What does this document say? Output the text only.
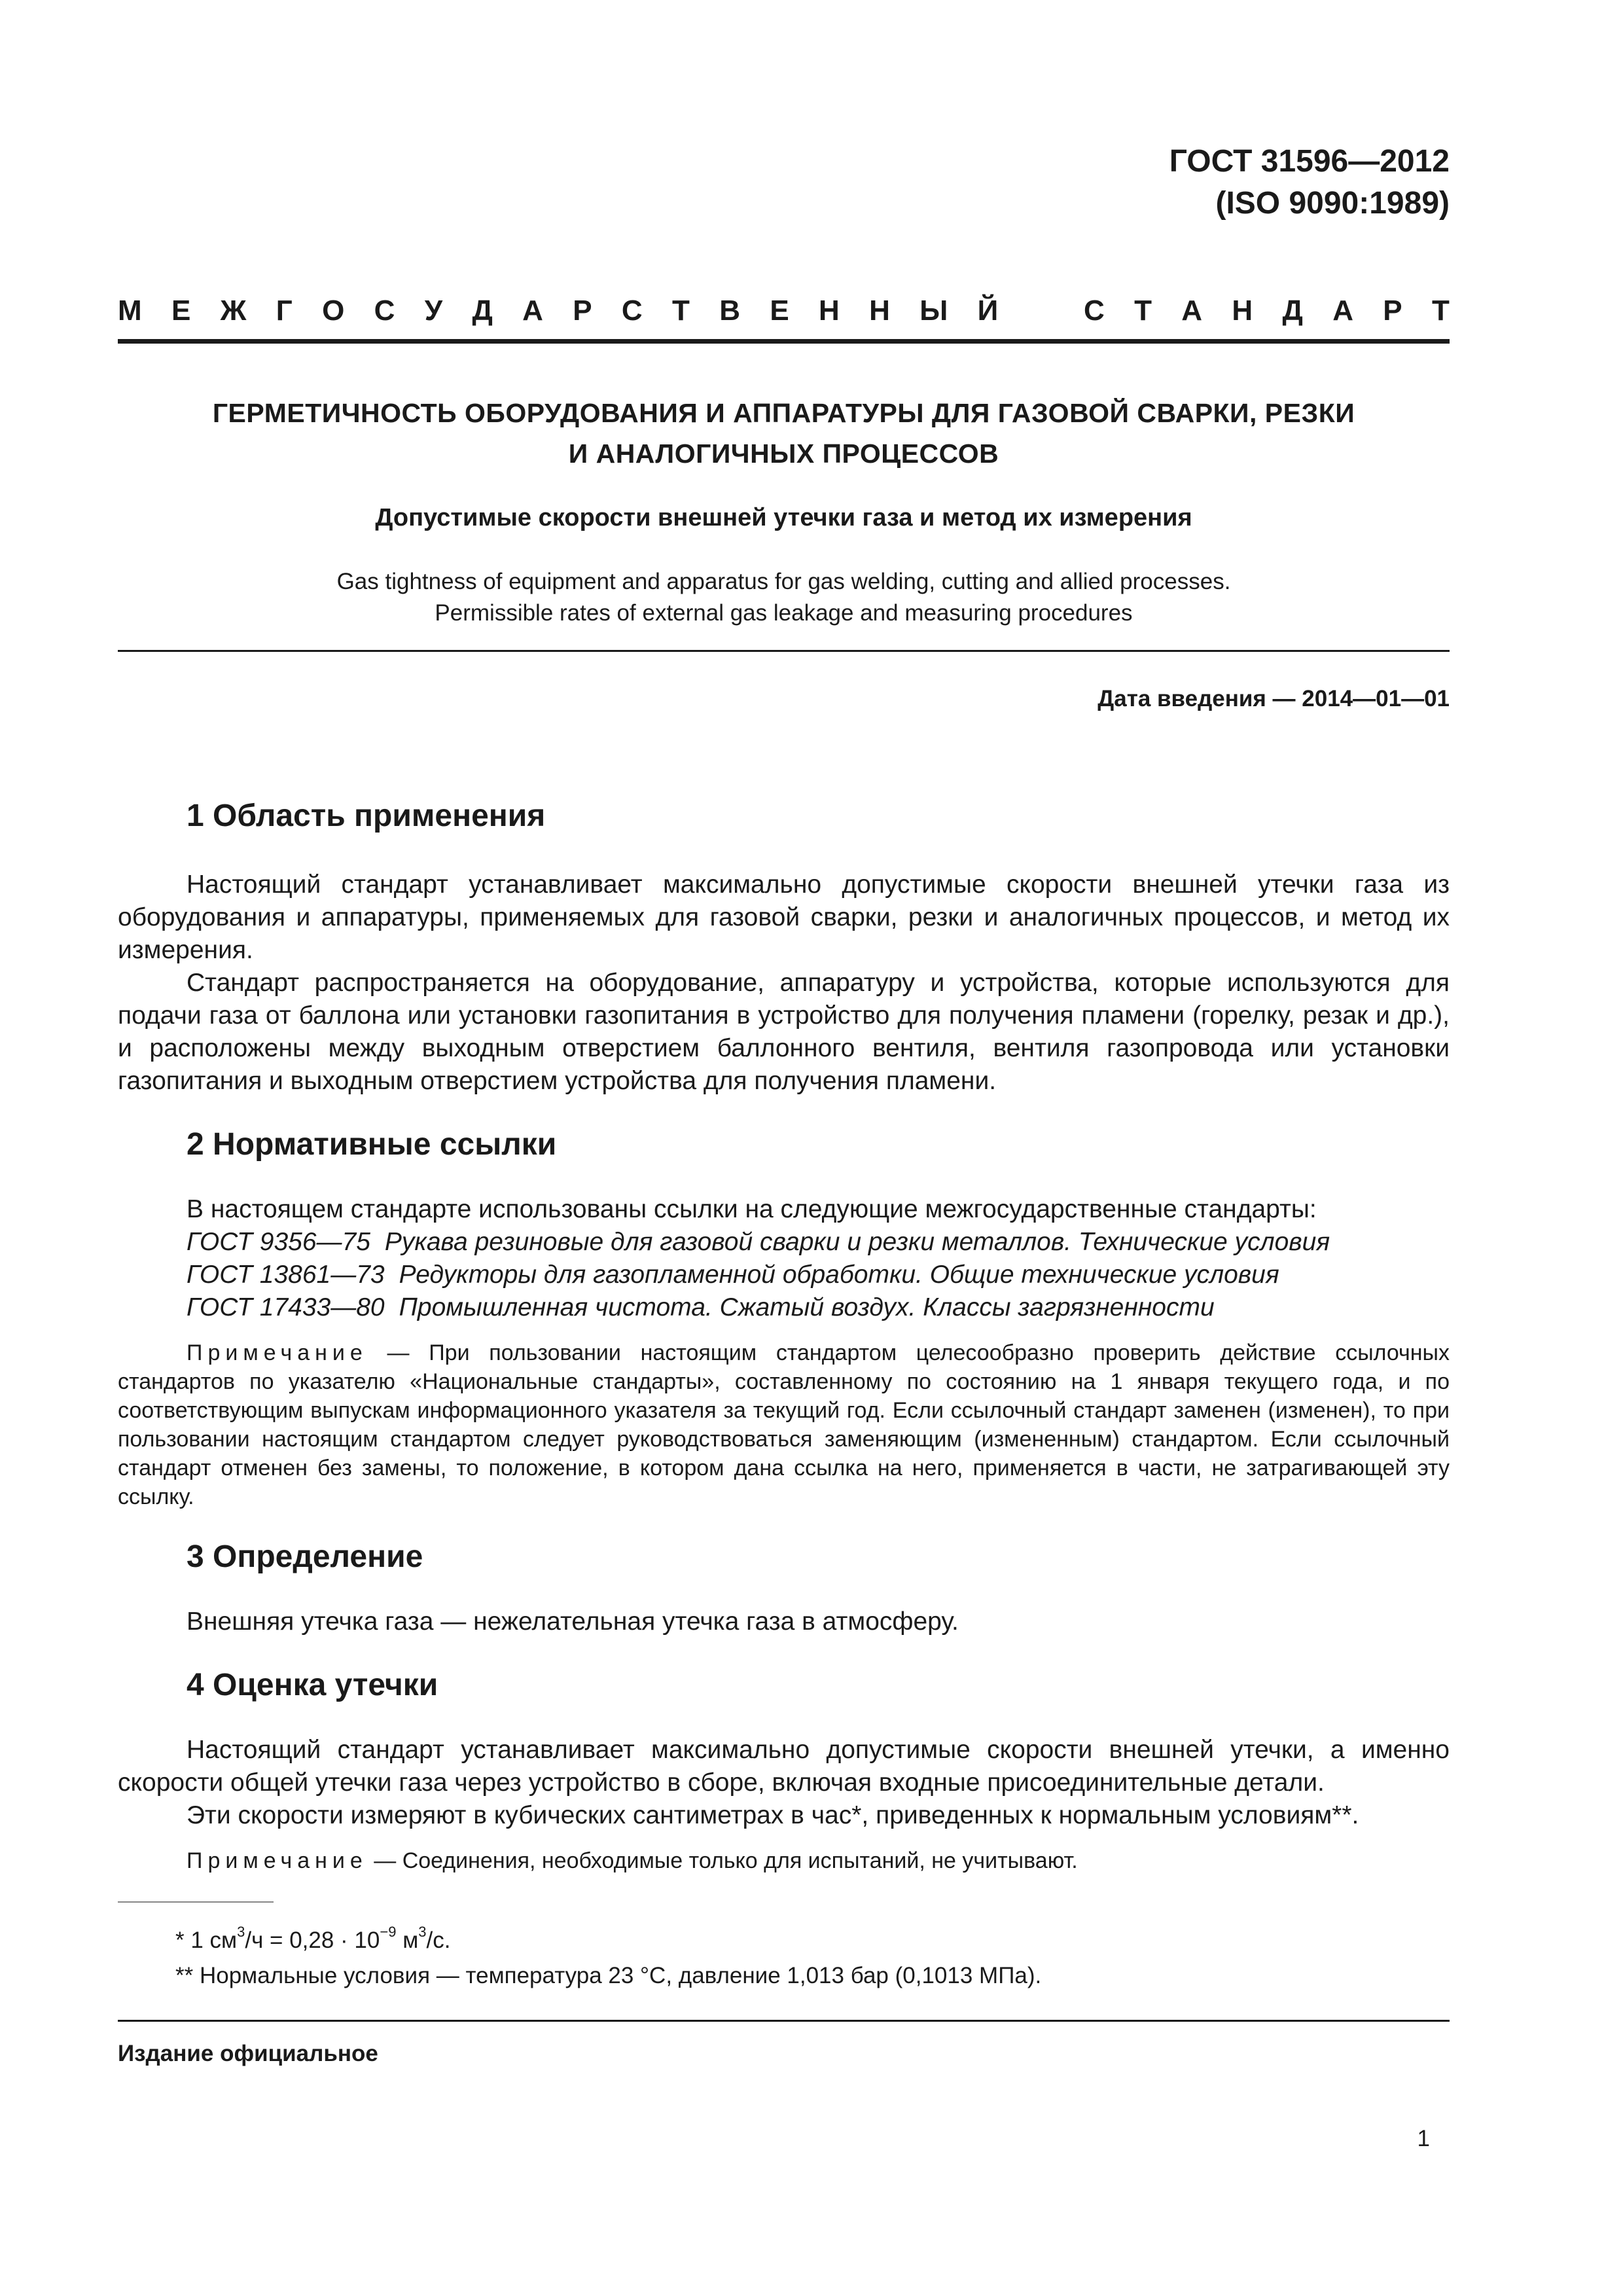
ГОСТ 31596—2012
(ISO 9090:1989)
М Е Ж Г О С У Д А Р С Т В Е Н Н Ы Й	С Т А Н Д А Р Т
ГЕРМЕТИЧНОСТЬ ОБОРУДОВАНИЯ И АППАРАТУРЫ ДЛЯ ГАЗОВОЙ СВАРКИ, РЕЗКИ
И АНАЛОГИЧНЫХ ПРОЦЕССОВ
Допустимые скорости внешней утечки газа и метод их измерения
Gas tightness of equipment and apparatus for gas welding, cutting and allied processes.
Permissible rates of external gas leakage and measuring procedures
Дата введения — 2014—01—01
1 Область применения

Настоящий стандарт устанавливает максимально допустимые скорости внешней утечки газа из оборудования и аппаратуры, применяемых для газовой сварки, резки и аналогичных процессов, и метод их измерения.

Стандарт распространяется на оборудование, аппаратуру и устройства, которые используются для подачи газа от баллона или установки газопитания в устройство для получения пламени (горелку, резак и др.), и расположены между выходным отверстием баллонного вентиля, вентиля газопровода или установки газопитания и выходным отверстием устройства для получения пламени.

2 Нормативные ссылки

В настоящем стандарте использованы ссылки на следующие межгосударственные стандарты:

ГОСТ 9356—75 Рукава резиновые для газовой сварки и резки металлов. Технические условия

ГОСТ 13861—73 Редукторы для газопламенной обработки. Общие технические условия

ГОСТ 17433—80 Промышленная чистота. Сжатый воздух. Классы загрязненности

Примечание — При пользовании настоящим стандартом целесообразно проверить действие ссылочных стандартов по указателю «Национальные стандарты», составленному по состоянию на 1 января текущего года, и по соответствующим выпускам информационного указателя за текущий год. Если ссылочный стандарт заменен (изменен), то при пользовании настоящим стандартом следует руководствоваться заменяющим (измененным) стандартом. Если ссылочный стандарт отменен без замены, то положение, в котором дана ссылка на него, применяется в части, не затрагивающей эту ссылку.

3 Определение

Внешняя утечка газа — нежелательная утечка газа в атмосферу.

4 Оценка утечки

Настоящий стандарт устанавливает максимально допустимые скорости внешней утечки, а именно скорости общей утечки газа через устройство в сборе, включая входные присоединительные детали.

Эти скорости измеряют в кубических сантиметрах в час*, приведенных к нормальным условиям**.

Примечание — Соединения, необходимые только для испытаний, не учитывают.

* 1 $см^3/ч = 0,28 \cdot 10^{-9}$ $м^3/с$.

** Нормальные условия — температура 23 °С, давление 1,013 бар (0,1013 МПа).

Издание официальное
1
